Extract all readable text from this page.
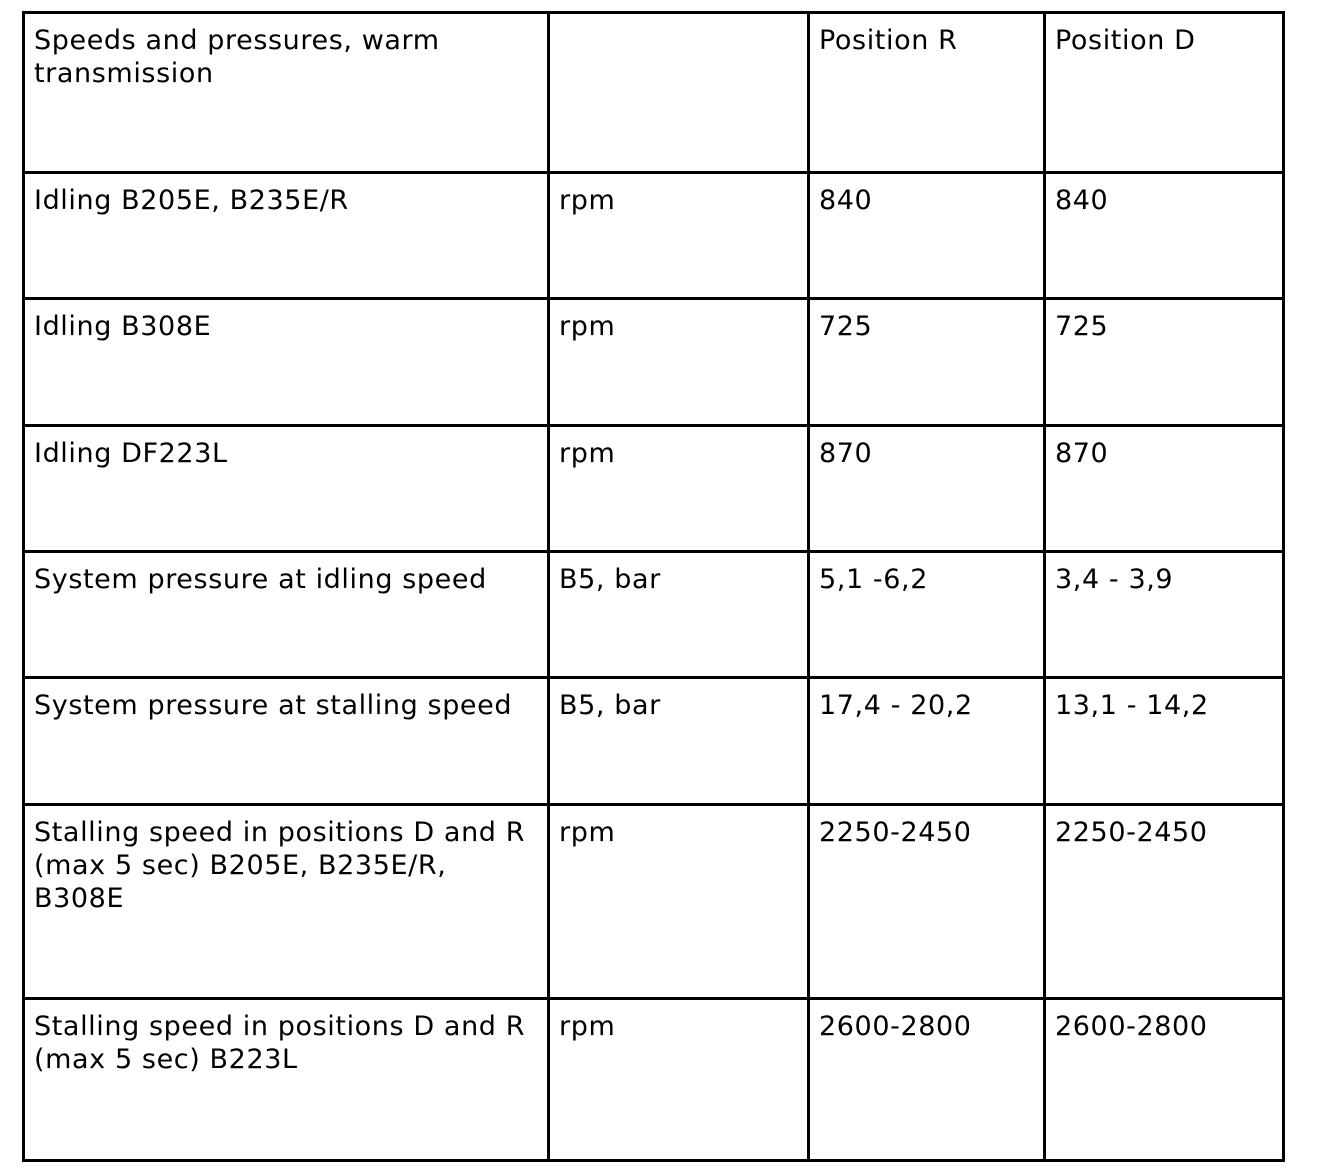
Speeds and pressures, warm transmission		Position R	Position D
Idling B205E, B235E/R	rpm	840	840
Idling B308E	rpm	725	725
Idling DF223L	rpm	870	870
System pressure at idling speed	B5, bar	5,1 -6,2	3,4 - 3,9
System pressure at stalling speed	B5, bar	17,4 - 20,2	13,1 - 14,2
Stalling speed in positions D and R (max 5 sec) B205E, B235E/R, B308E	rpm	2250-2450	2250-2450
Stalling speed in positions D and R (max 5 sec) B223L	rpm	2600-2800	2600-2800
